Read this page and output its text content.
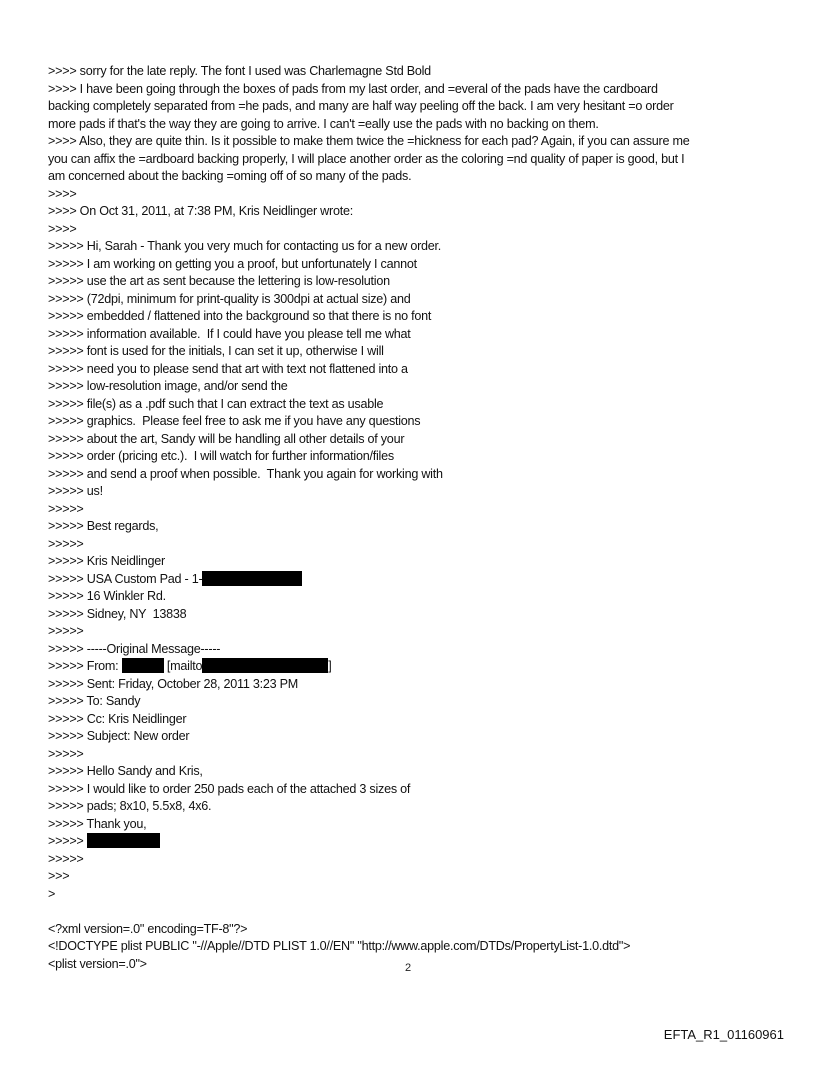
>>>> sorry for the late reply. The font I used was Charlemagne Std Bold
>>>> I have been going through the boxes of pads from my last order, and =everal of the pads have the cardboard
backing completely separated from =he pads, and many are half way peeling off the back. I am very hesitant =o order
more pads if that's the way they are going to arrive. I can't =eally use the pads with no backing on them.
>>>> Also, they are quite thin. Is it possible to make them twice the =hickness for each pad? Again, if you can assure me
you can affix the =ardboard backing properly, I will place another order as the coloring =nd quality of paper is good, but I
am concerned about the backing =oming off of so many of the pads.
>>>>
>>>> On Oct 31, 2011, at 7:38 PM, Kris Neidlinger wrote:
>>>>
>>>>> Hi, Sarah - Thank you very much for contacting us for a new order.
>>>>> I am working on getting you a proof, but unfortunately I cannot
>>>>> use the art as sent because the lettering is low-resolution
>>>>> (72dpi, minimum for print-quality is 300dpi at actual size) and
>>>>> embedded / flattened into the background so that there is no font
>>>>> information available.  If I could have you please tell me what
>>>>> font is used for the initials, I can set it up, otherwise I will
>>>>> need you to please send that art with text not flattened into a
>>>>> low-resolution image, and/or send the
>>>>> file(s) as a .pdf such that I can extract the text as usable
>>>>> graphics.  Please feel free to ask me if you have any questions
>>>>> about the art, Sandy will be handling all other details of your
>>>>> order (pricing etc.).  I will watch for further information/files
>>>>> and send a proof when possible.  Thank you again for working with
>>>>> us!
>>>>>
>>>>> Best regards,
>>>>>
>>>>> Kris Neidlinger
>>>>> USA Custom Pad - 1-
>>>>> 16 Winkler Rd.
>>>>> Sidney, NY  13838
>>>>>
>>>>> -----Original Message-----
>>>>> From:	[mailto	]
>>>>> Sent: Friday, October 28, 2011 3:23 PM
>>>>> To: Sandy
>>>>> Cc: Kris Neidlinger
>>>>> Subject: New order
>>>>>
>>>>> Hello Sandy and Kris,
>>>>> I would like to order 250 pads each of the attached 3 sizes of
>>>>> pads; 8x10, 5.5x8, 4x6.
>>>>> Thank you,
>>>>>
>>>>>
>>>
>
<?xml version=.0" encoding=TF-8"?>
<!DOCTYPE plist PUBLIC "-//Apple//DTD PLIST 1.0//EN" "http://www.apple.com/DTDs/PropertyList-1.0.dtd">
<plist version=.0">	2
EFTA_R1_01160961
